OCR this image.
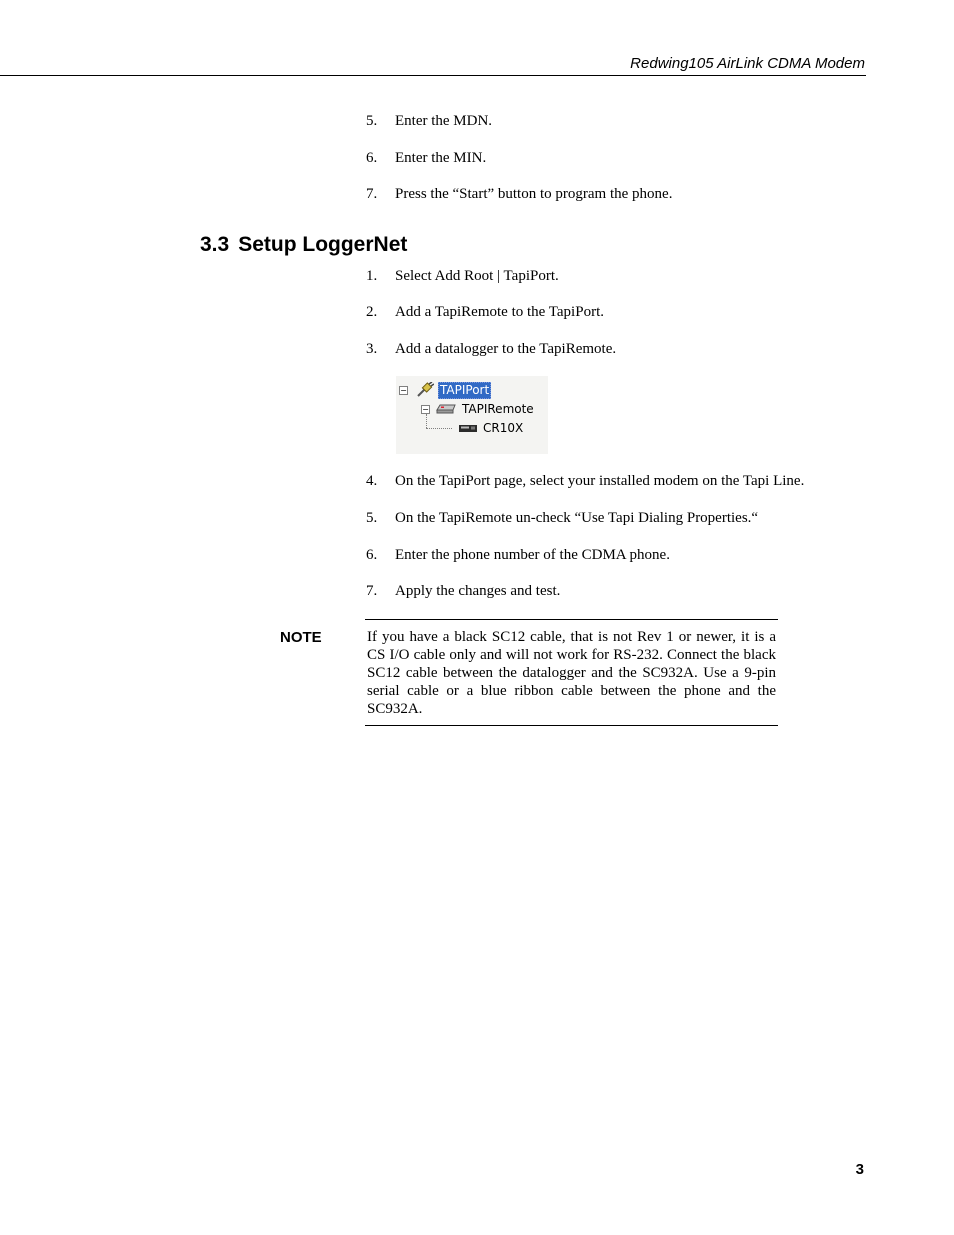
Redwing105 AirLink CDMA Modem
5. Enter the MDN.
6. Enter the MIN.
7. Press the “Start” button to program the phone.
3.3 Setup LoggerNet
1. Select Add Root | TapiPort.
2. Add a TapiRemote to the TapiPort.
3. Add a datalogger to the TapiRemote.
−	TAPIPort
−	TAPIRemote
CR10X
4. On the TapiPort page, select your installed modem on the Tapi Line.
5. On the TapiRemote un-check “Use Tapi Dialing Properties.“
6. Enter the phone number of the CDMA phone.
7. Apply the changes and test.
NOTE	If you have a black SC12 cable, that is not Rev 1 or newer, it is a CS I/O cable only and will not work for RS-232. Connect the black SC12 cable between the datalogger and the SC932A. Use a 9-pin serial cable or a blue ribbon cable between the phone and the SC932A.
3
